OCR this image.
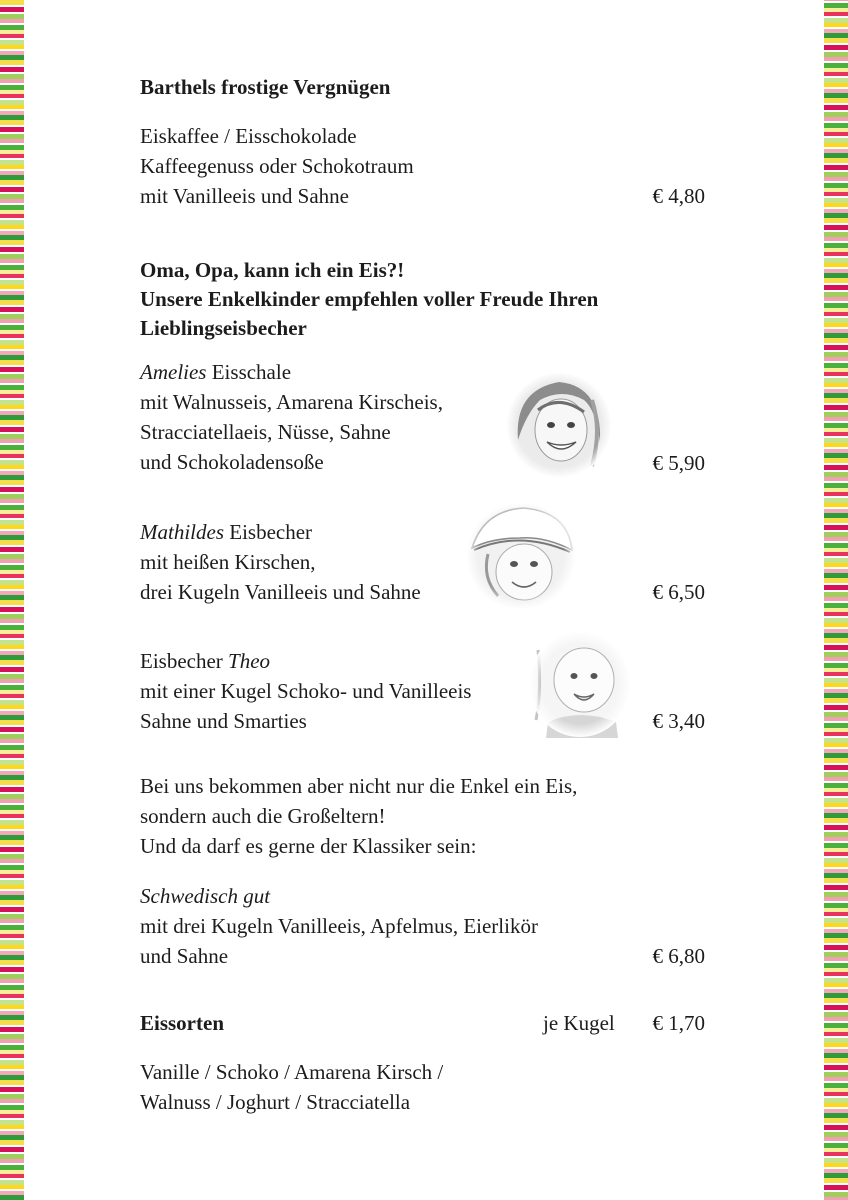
Barthels frostige Vergnügen
Eiskaffee / Eisschokolade
Kaffeegenuss oder Schokotraum
mit Vanilleeis und Sahne	€ 4,80
Oma, Opa, kann ich ein Eis?!
Unsere Enkelkinder empfehlen voller Freude Ihren
Lieblingseisbecher
Amelies Eisschale
mit Walnusseis, Amarena Kirscheis,
Stracciatellaeis, Nüsse, Sahne
und Schokoladensoße	€ 5,90
Mathildes Eisbecher
mit heißen Kirschen,
drei Kugeln Vanilleeis und Sahne	€ 6,50
Eisbecher Theo
mit einer Kugel Schoko- und Vanilleeis
Sahne und Smarties	€ 3,40
Bei uns bekommen aber nicht nur die Enkel ein Eis,
sondern auch die Großeltern!
Und da darf es gerne der Klassiker sein:
Schwedisch gut
mit drei Kugeln Vanilleeis, Apfelmus, Eierlikör
und Sahne	€ 6,80
Eissorten	je Kugel € 1,70
Vanille / Schoko / Amarena Kirsch /
Walnuss / Joghurt / Stracciatella
